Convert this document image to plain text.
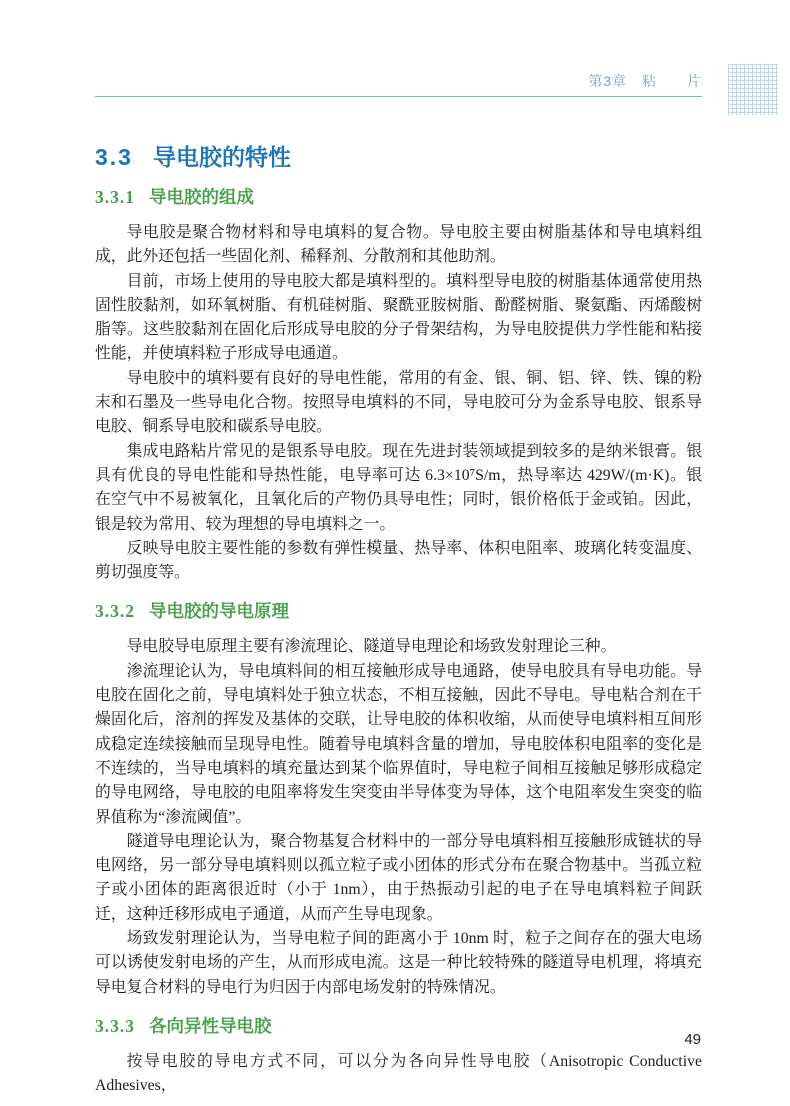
第3章　粘　　片
3.3 导电胶的特性
3.3.1 导电胶的组成

导电胶是聚合物材料和导电填料的复合物。导电胶主要由树脂基体和导电填料组成，此外还包括一些固化剂、稀释剂、分散剂和其他助剂。

目前，市场上使用的导电胶大都是填料型的。填料型导电胶的树脂基体通常使用热固性胶黏剂，如环氧树脂、有机硅树脂、聚酰亚胺树脂、酚醛树脂、聚氨酯、丙烯酸树脂等。这些胶黏剂在固化后形成导电胶的分子骨架结构，为导电胶提供力学性能和粘接性能，并使填料粒子形成导电通道。

导电胶中的填料要有良好的导电性能，常用的有金、银、铜、铝、锌、铁、镍的粉末和石墨及一些导电化合物。按照导电填料的不同，导电胶可分为金系导电胶、银系导电胶、铜系导电胶和碳系导电胶。

集成电路粘片常见的是银系导电胶。现在先进封装领域提到较多的是纳米银膏。银具有优良的导电性能和导热性能，电导率可达 6.3×10⁷S/m，热导率达 429W/(m·K)。银在空气中不易被氧化，且氧化后的产物仍具导电性；同时，银价格低于金或铂。因此，银是较为常用、较为理想的导电填料之一。

反映导电胶主要性能的参数有弹性模量、热导率、体积电阻率、玻璃化转变温度、剪切强度等。

3.3.2 导电胶的导电原理

导电胶导电原理主要有渗流理论、隧道导电理论和场致发射理论三种。

渗流理论认为，导电填料间的相互接触形成导电通路，使导电胶具有导电功能。导电胶在固化之前，导电填料处于独立状态，不相互接触，因此不导电。导电粘合剂在干燥固化后，溶剂的挥发及基体的交联，让导电胶的体积收缩，从而使导电填料相互间形成稳定连续接触而呈现导电性。随着导电填料含量的增加，导电胶体积电阻率的变化是不连续的，当导电填料的填充量达到某个临界值时，导电粒子间相互接触足够形成稳定的导电网络，导电胶的电阻率将发生突变由半导体变为导体，这个电阻率发生突变的临界值称为“渗流阈值”。

隧道导电理论认为，聚合物基复合材料中的一部分导电填料相互接触形成链状的导电网络，另一部分导电填料则以孤立粒子或小团体的形式分布在聚合物基中。当孤立粒子或小团体的距离很近时（小于 1nm），由于热振动引起的电子在导电填料粒子间跃迁，这种迁移形成电子通道，从而产生导电现象。

场致发射理论认为，当导电粒子间的距离小于 10nm 时，粒子之间存在的强大电场可以诱使发射电场的产生，从而形成电流。这是一种比较特殊的隧道导电机理，将填充导电复合材料的导电行为归因于内部电场发射的特殊情况。

3.3.3 各向异性导电胶

按导电胶的导电方式不同，可以分为各向异性导电胶（Anisotropic Conductive Adhesives，

49
